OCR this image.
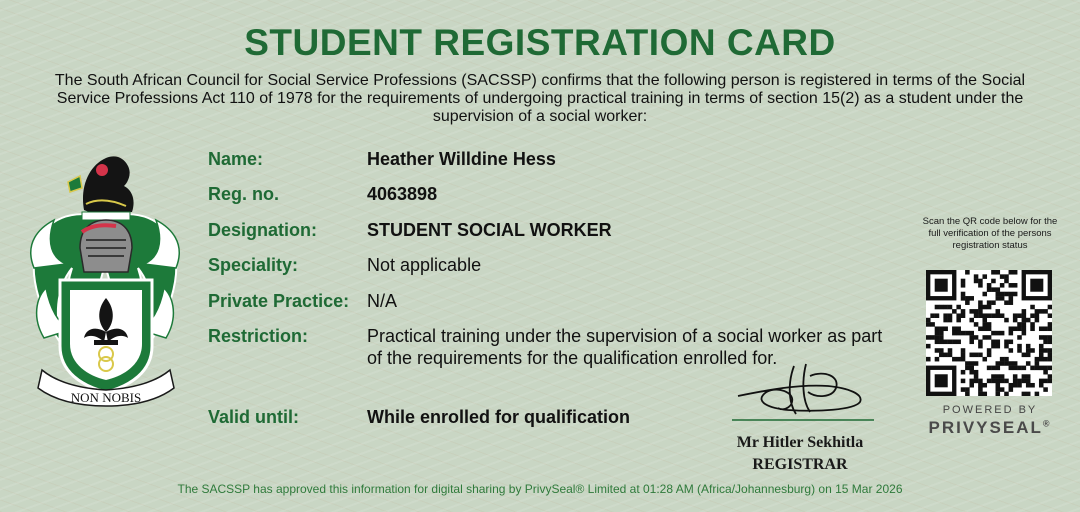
STUDENT REGISTRATION CARD

The South African Council for Social Service Professions (SACSSP) confirms that the following person is registered in terms of the Social Service Professions Act 110 of 1978 for the requirements of undergoing practical training in terms of section 15(2) as a student under the supervision of a social worker:

NON NOBIS
Name:	Heather Willdine Hess
Reg. no.	4063898
Designation:	STUDENT SOCIAL WORKER
Speciality:	Not applicable
Private Practice: N/A
Restriction:	Practical training under the supervision of a social worker as part of the requirements for the qualification enrolled for.
Valid until:	While enrolled for qualification
Mr Hitler Sekhitla
REGISTRAR
Scan the QR code below for the full verification of the persons registration status
POWERED BY
PRIVYSEAL®
The SACSSP has approved this information for digital sharing by PrivySeal® Limited at 01:28 AM (Africa/Johannesburg) on 15 Mar 2026
